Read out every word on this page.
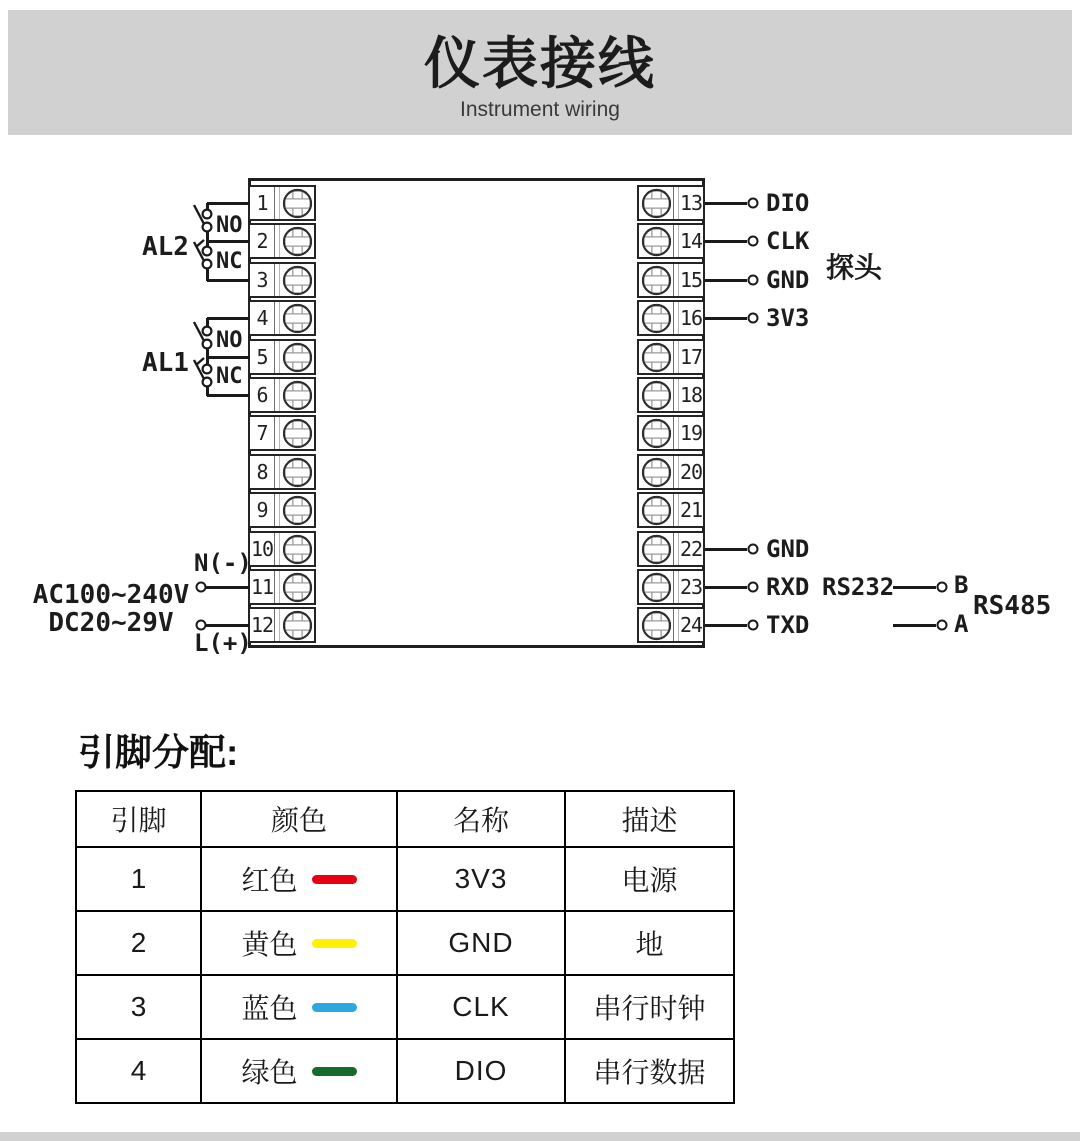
仪表接线

Instrument wiring

1
2
3
4
5
6
7
8
9
10
11
12
13
14
15
16
17
18
19
20
21
22
23
24
AL2
NO
NC
AL1
NO
NC
N(-)
AC100~240V
DC20~29V
L(+)
DIO
CLK
GND
3V3
探头
GND
RXD RS232
TXD
B
A
RS485
引脚分配:
引脚	颜色	名称	描述
1	红色	3V3	电源
2	黄色	GND	地
3	蓝色	CLK	串行时钟
4	绿色	DIO	串行数据
